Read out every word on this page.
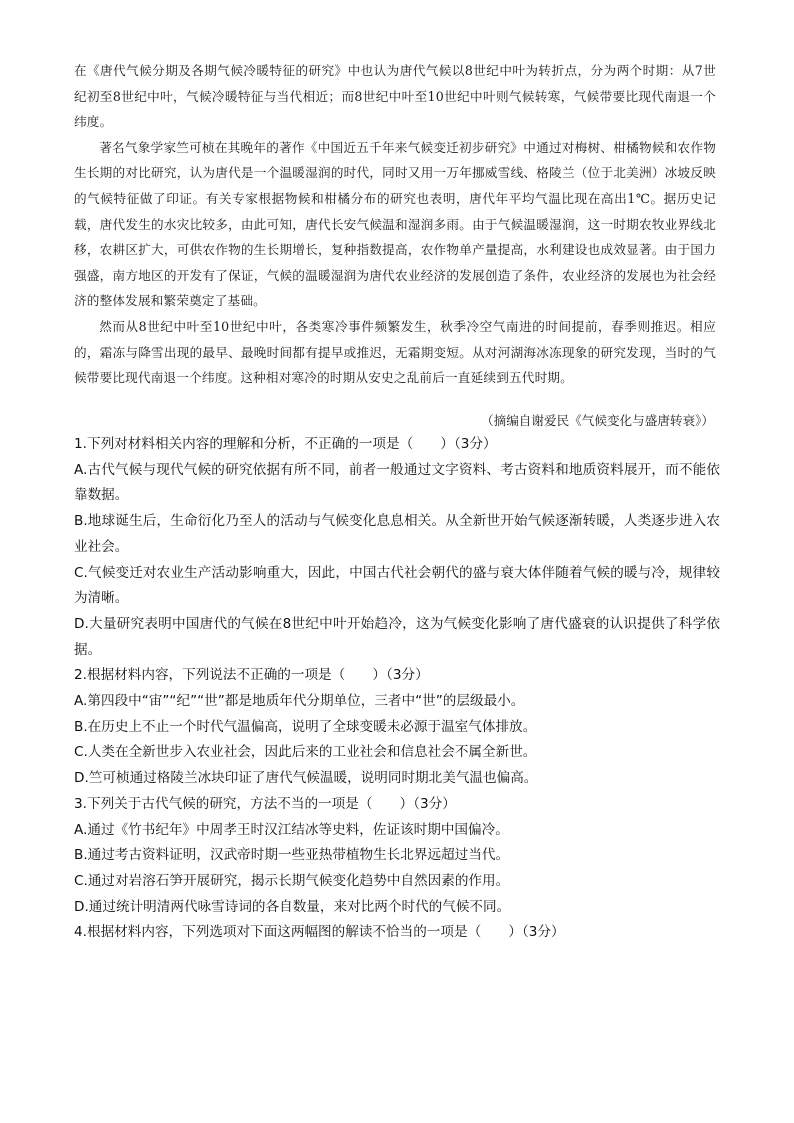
在《唐代气候分期及各期气候冷暖特征的研究》中也认为唐代气候以8世纪中叶为转折点，分为两个时期：从7世纪初至8世纪中叶，气候冷暖特征与当代相近；而8世纪中叶至10世纪中叶则气候转寒，气候带要比现代南退一个纬度。

著名气象学家竺可桢在其晚年的著作《中国近五千年来气候变迁初步研究》中通过对梅树、柑橘物候和农作物生长期的对比研究，认为唐代是一个温暖湿润的时代，同时又用一万年挪威雪线、格陵兰（位于北美洲）冰坡反映的气候特征做了印证。有关专家根据物候和柑橘分布的研究也表明，唐代年平均气温比现在高出1℃。据历史记载，唐代发生的水灾比较多，由此可知，唐代长安气候温和湿润多雨。由于气候温暖湿润，这一时期农牧业界线北移，农耕区扩大，可供农作物的生长期增长，复种指数提高，农作物单产量提高，水利建设也成效显著。由于国力强盛，南方地区的开发有了保证，气候的温暖湿润为唐代农业经济的发展创造了条件，农业经济的发展也为社会经济的整体发展和繁荣奠定了基础。

然而从8世纪中叶至10世纪中叶，各类寒冷事件频繁发生，秋季冷空气南进的时间提前，春季则推迟。相应的，霜冻与降雪出现的最早、最晚时间都有提早或推迟，无霜期变短。从对河湖海冰冻现象的研究发现，当时的气候带要比现代南退一个纬度。这种相对寒冷的时期从安史之乱前后一直延续到五代时期。

（摘编自谢爱民《气候变化与盛唐转衰》）

1.下列对材料相关内容的理解和分析，不正确的一项是（　　）（3分）

A.古代气候与现代气候的研究依据有所不同，前者一般通过文字资料、考古资料和地质资料展开，而不能依靠数据。

B.地球诞生后，生命衍化乃至人的活动与气候变化息息相关。从全新世开始气候逐渐转暖，人类逐步进入农业社会。

C.气候变迁对农业生产活动影响重大，因此，中国古代社会朝代的盛与衰大体伴随着气候的暖与冷，规律较为清晰。

D.大量研究表明中国唐代的气候在8世纪中叶开始趋冷，这为气候变化影响了唐代盛衰的认识提供了科学依据。

2.根据材料内容，下列说法不正确的一项是（　　）（3分）

A.第四段中“宙”“纪”“世”都是地质年代分期单位，三者中“世”的层级最小。

B.在历史上不止一个时代气温偏高，说明了全球变暖未必源于温室气体排放。

C.人类在全新世步入农业社会，因此后来的工业社会和信息社会不属全新世。

D.竺可桢通过格陵兰冰块印证了唐代气候温暖，说明同时期北美气温也偏高。

3.下列关于古代气候的研究，方法不当的一项是（　　）（3分）

A.通过《竹书纪年》中周孝王时汉江结冰等史料，佐证该时期中国偏冷。

B.通过考古资料证明，汉武帝时期一些亚热带植物生长北界远超过当代。

C.通过对岩溶石笋开展研究，揭示长期气候变化趋势中自然因素的作用。

D.通过统计明清两代咏雪诗词的各自数量，来对比两个时代的气候不同。

4.根据材料内容，下列选项对下面这两幅图的解读不恰当的一项是（　　）（3分）
